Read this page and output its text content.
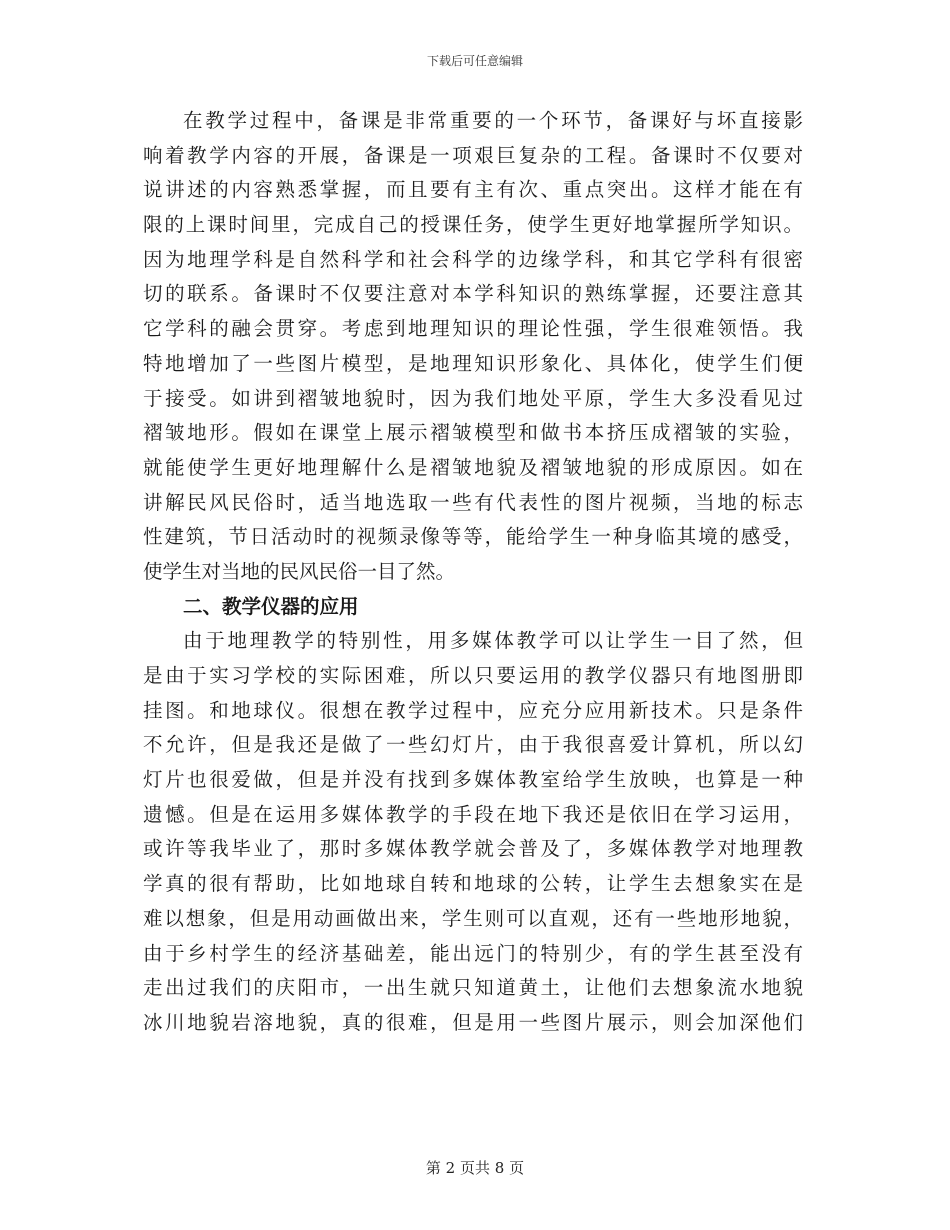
下载后可任意编辑
在教学过程中，备课是非常重要的一个环节，备课好与坏直接影
响着教学内容的开展，备课是一项艰巨复杂的工程。备课时不仅要对
说讲述的内容熟悉掌握，而且要有主有次、重点突出。这样才能在有
限的上课时间里，完成自己的授课任务，使学生更好地掌握所学知识。
因为地理学科是自然科学和社会科学的边缘学科，和其它学科有很密
切的联系。备课时不仅要注意对本学科知识的熟练掌握，还要注意其
它学科的融会贯穿。考虑到地理知识的理论性强，学生很难领悟。我
特地增加了一些图片模型，是地理知识形象化、具体化，使学生们便
于接受。如讲到褶皱地貌时，因为我们地处平原，学生大多没看见过
褶皱地形。假如在课堂上展示褶皱模型和做书本挤压成褶皱的实验，
就能使学生更好地理解什么是褶皱地貌及褶皱地貌的形成原因。如在
讲解民风民俗时，适当地选取一些有代表性的图片视频，当地的标志
性建筑，节日活动时的视频录像等等，能给学生一种身临其境的感受，
使学生对当地的民风民俗一目了然。
二、教学仪器的应用
由于地理教学的特别性，用多媒体教学可以让学生一目了然，但
是由于实习学校的实际困难，所以只要运用的教学仪器只有地图册即
挂图。和地球仪。很想在教学过程中，应充分应用新技术。只是条件
不允许，但是我还是做了一些幻灯片，由于我很喜爱计算机，所以幻
灯片也很爱做，但是并没有找到多媒体教室给学生放映，也算是一种
遗憾。但是在运用多媒体教学的手段在地下我还是依旧在学习运用，
或许等我毕业了，那时多媒体教学就会普及了，多媒体教学对地理教
学真的很有帮助，比如地球自转和地球的公转，让学生去想象实在是
难以想象，但是用动画做出来，学生则可以直观，还有一些地形地貌，
由于乡村学生的经济基础差，能出远门的特别少，有的学生甚至没有
走出过我们的庆阳市，一出生就只知道黄土，让他们去想象流水地貌
冰川地貌岩溶地貌，真的很难，但是用一些图片展示，则会加深他们
第 2 页共 8 页
